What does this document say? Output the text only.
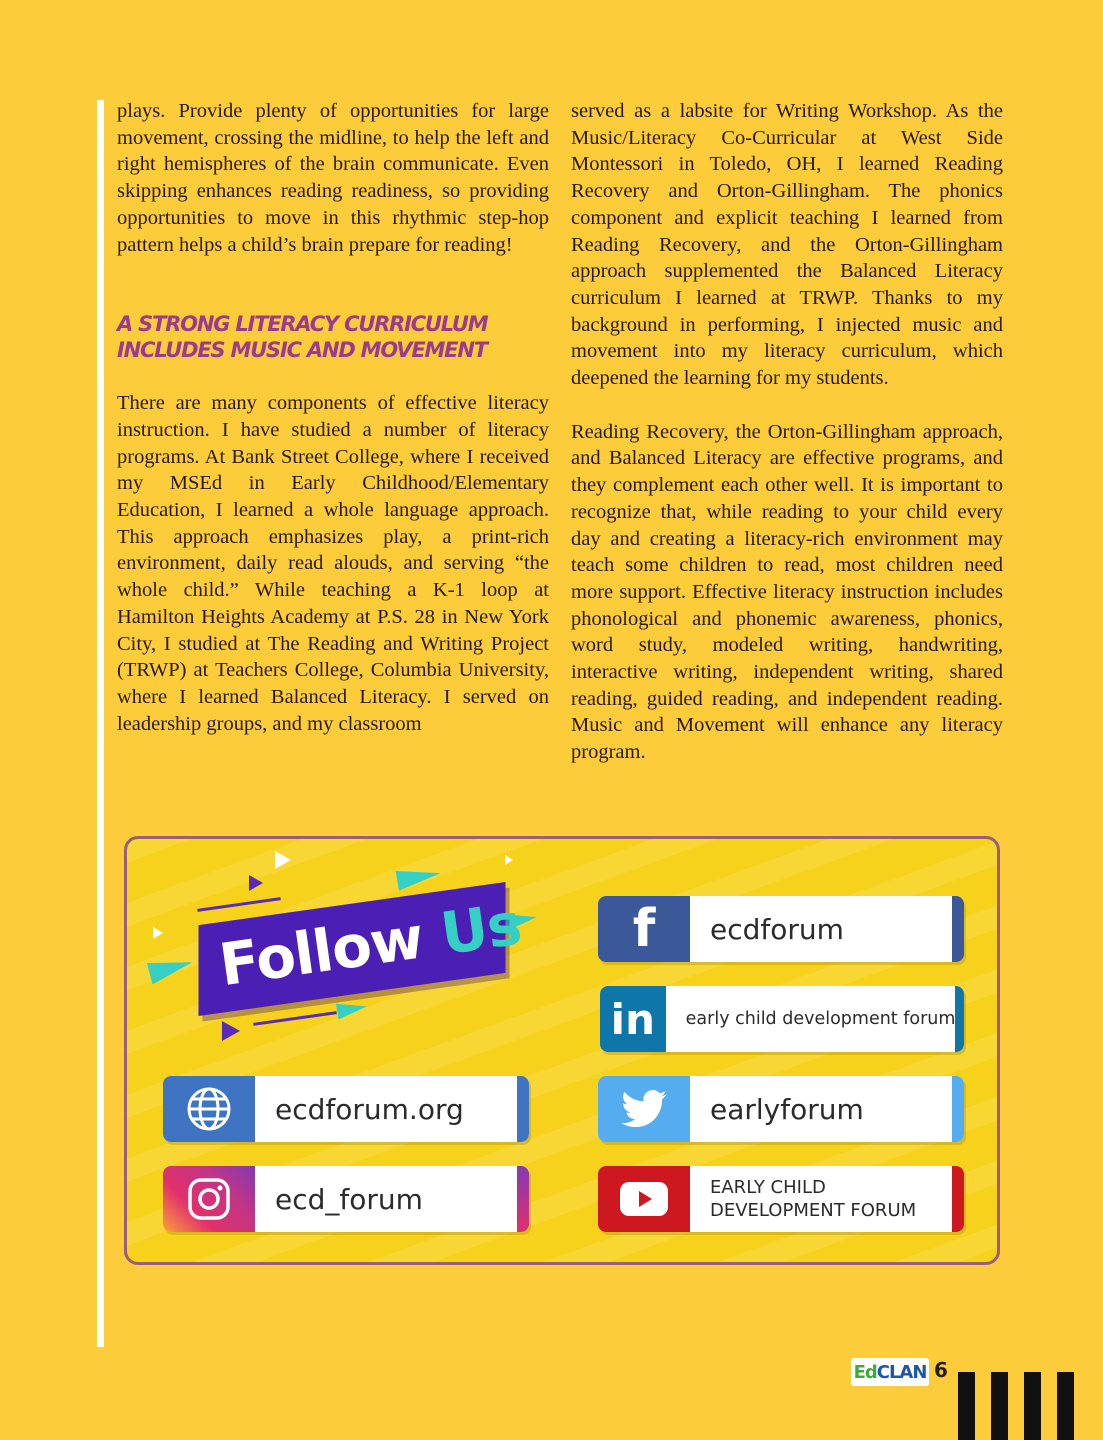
plays. Provide plenty of opportunities for large movement, crossing the midline, to help the left and right hemispheres of the brain communicate. Even skipping enhances reading readiness, so providing opportunities to move in this rhythmic step-hop pattern helps a child’s brain prepare for reading!

A STRONG LITERACY CURRICULUM INCLUDES MUSIC AND MOVEMENT

There are many components of effective literacy instruction. I have studied a number of literacy programs. At Bank Street College, where I received my MSEd in Early Childhood/Elementary Education, I learned a whole language approach. This approach emphasizes play, a print-rich environment, daily read alouds, and serving “the whole child.” While teaching a K-1 loop at Hamilton Heights Academy at P.S. 28 in New York City, I studied at The Reading and Writing Project (TRWP) at Teachers College, Columbia University, where I learned Balanced Literacy. I served on leadership groups, and my classroom

served as a labsite for Writing Workshop. As the Music/Literacy Co-Curricular at West Side Montessori in Toledo, OH, I learned Reading Recovery and Orton-Gillingham. The phonics component and explicit teaching I learned from Reading Recovery, and the Orton-Gillingham approach supplemented the Balanced Literacy curriculum I learned at TRWP. Thanks to my background in performing, I injected music and movement into my literacy curriculum, which deepened the learning for my students.

Reading Recovery, the Orton-Gillingham approach, and Balanced Literacy are effective programs, and they complement each other well. It is important to recognize that, while reading to your child every day and creating a literacy-rich environment may teach some children to read, most children need more support. Effective literacy instruction includes phonological and phonemic awareness, phonics, word study, modeled writing, handwriting, interactive writing, independent writing, shared reading, guided reading, and independent reading. Music and Movement will enhance any literacy program.

Follow Us f	ecdforum
in	early child development forum
ecdforum.org	earlyforum
ecd_forum	EARLY CHILD DEVELOPMENT FORUM
Ed CLAN 6
